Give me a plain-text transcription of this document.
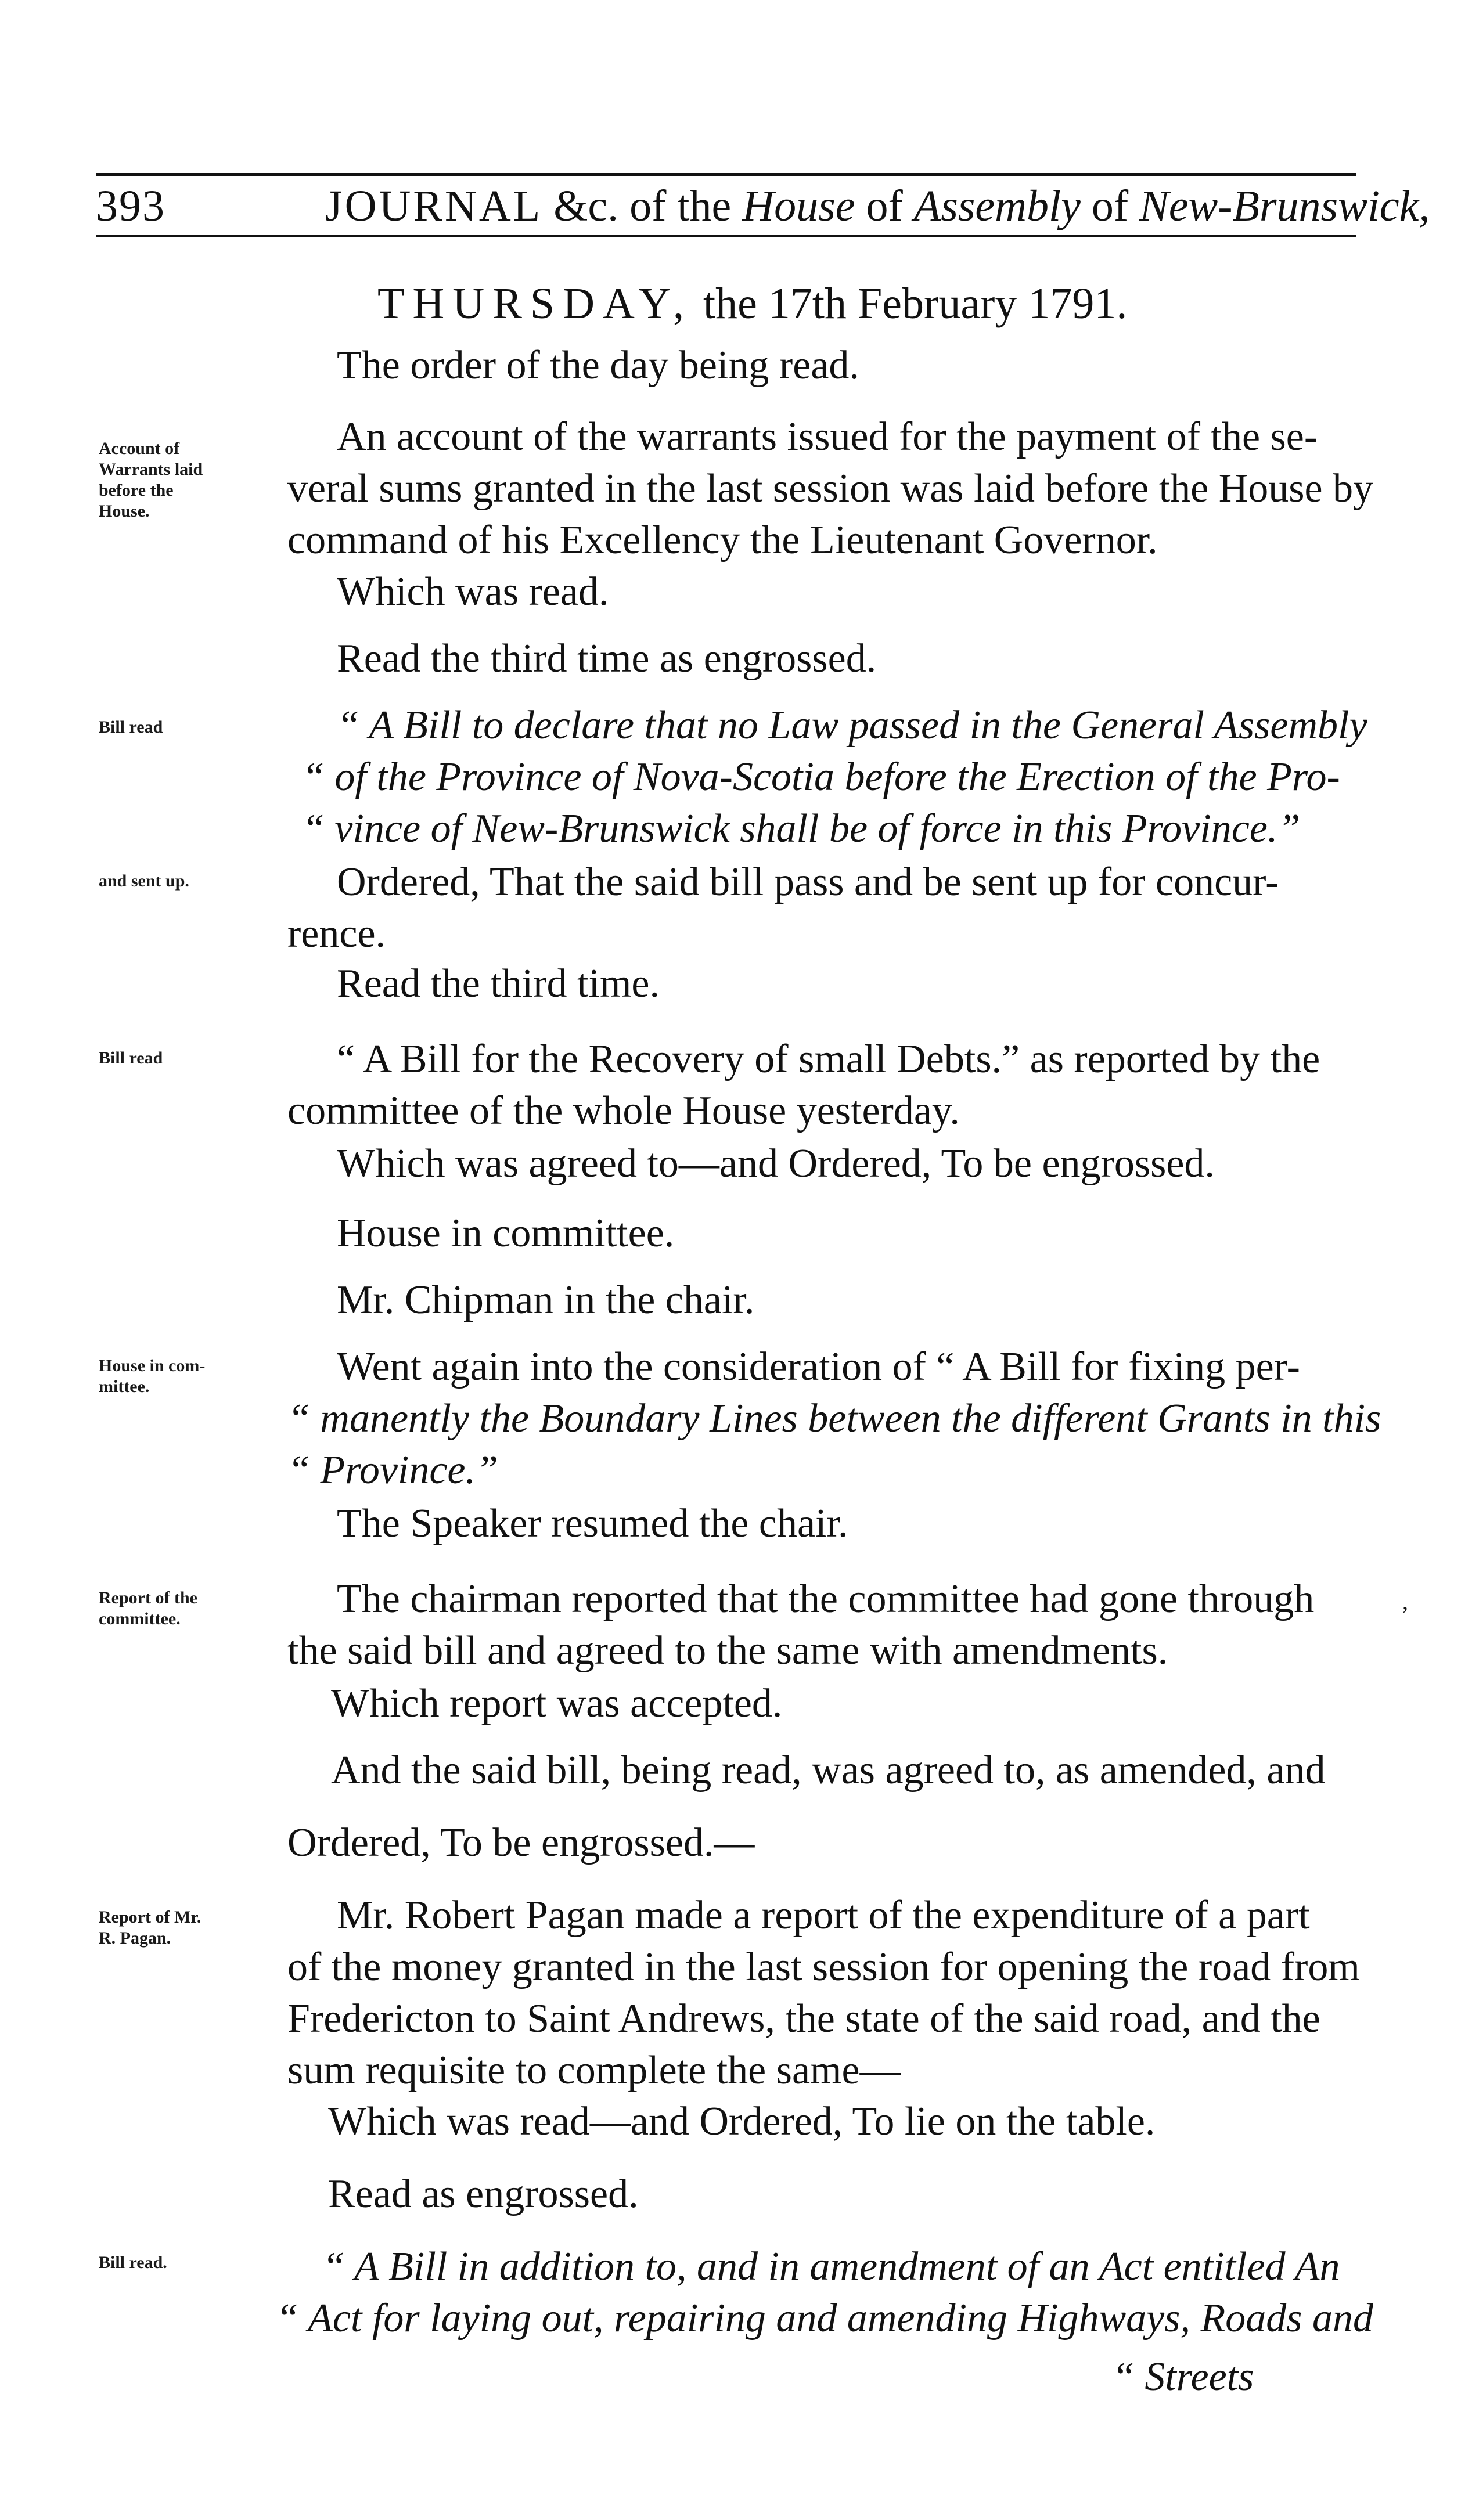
393	JOURNAL &c. of the House of Assembly of New-Brunswick,
THURSDAY, the 17th February 1791.
The order of the day being read.
An account of the warrants issued for the payment of the se-
veral sums granted in the last session was laid before the House by
command of his Excellency the Lieutenant Governor.
Which was read.
Read the third time as engrossed.
“ A Bill to declare that no Law passed in the General Assembly
“ of the Province of Nova-Scotia before the Erection of the Pro-
“ vince of New-Brunswick shall be of force in this Province.”
Ordered, That the said bill pass and be sent up for concur-
rence.
Read the third time.
“ A Bill for the Recovery of small Debts.” as reported by the
committee of the whole House yesterday.
Which was agreed to—and Ordered, To be engrossed.
House in committee.
Mr. Chipman in the chair.
Went again into the consideration of “ A Bill for fixing per-
“ manently the Boundary Lines between the different Grants in this
“ Province.”
The Speaker resumed the chair.
The chairman reported that the committee had gone through
the said bill and agreed to the same with amendments.
Which report was accepted.
And the said bill, being read, was agreed to, as amended, and
Ordered, To be engrossed.—
Mr. Robert Pagan made a report of the expenditure of a part
of the money granted in the last session for opening the road from
Fredericton to Saint Andrews, the state of the said road, and the
sum requisite to complete the same—
Which was read—and Ordered, To lie on the table.
Read as engrossed.
“ A Bill in addition to, and in amendment of an Act entitled An
“ Act for laying out, repairing and amending Highways, Roads and
“ Streets
Account of
Warrants laid
before the
House.
Bill read
and sent up.
Bill read
House in com-
mittee.
Report of the
committee.
Report of Mr.
R. Pagan.
Bill read.
,
